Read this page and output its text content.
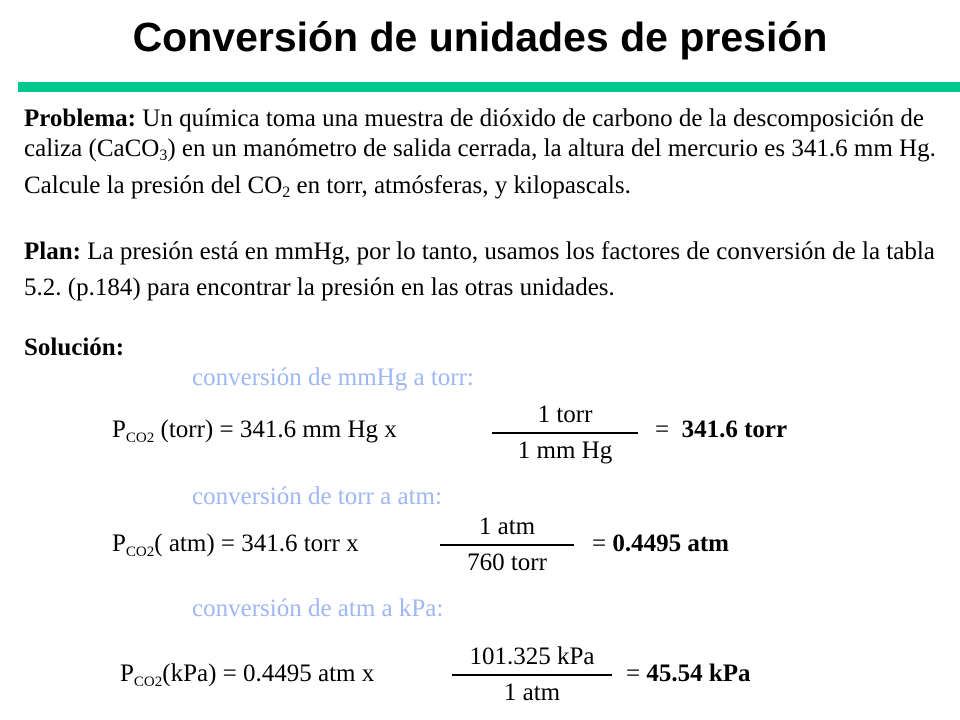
Conversión de unidades de presión
Problema: Un química toma una muestra de dióxido de carbono de la descomposición de caliza (CaCO$_3$) en un manómetro de salida cerrada, la altura del mercurio es 341.6 mm Hg. Calcule la presión del $CO_2$ en torr, atmósferas, y kilopascals.
Plan: La presión está en mmHg, por lo tanto, usamos los factores de conversión de la tabla 5.2. (p.184) para encontrar la presión en las otras unidades.
Solución:
conversión de mmHg a torr:
$P_{CO2}$ (torr) = 341.6 mm Hg x
1 torr
1 mm Hg
= 341.6 torr
conversión de torr a atm:
$P_{CO2}$( atm) = 341.6 torr x
1 atm
760 torr
= 0.4495 atm
conversión de atm a kPa:
$P_{CO2}(kPa) = 0.4495$ atm x
101.325 kPa
1 atm
= 45.54 kPa
